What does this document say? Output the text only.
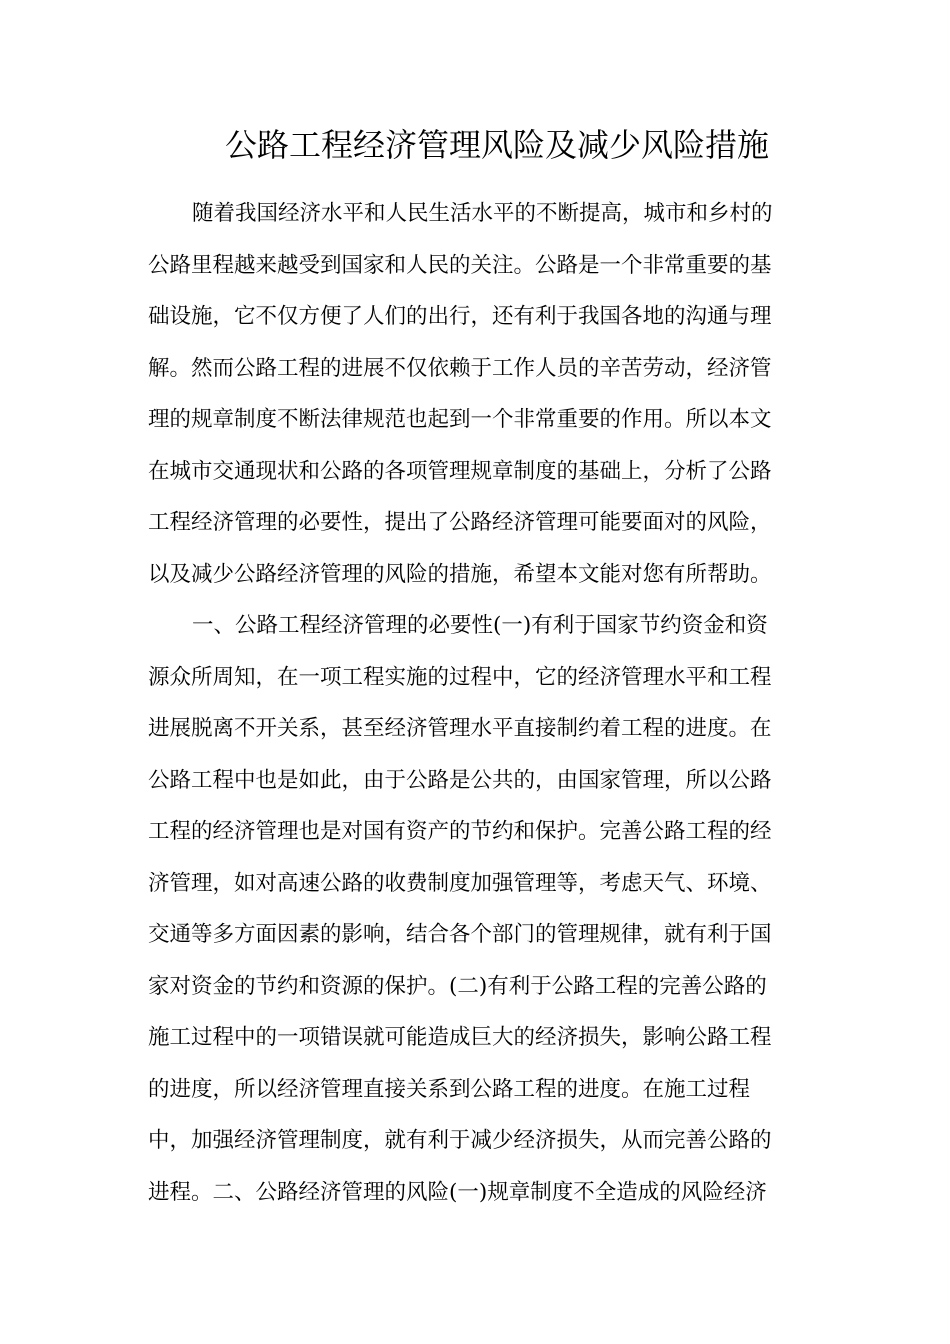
公路工程经济管理风险及减少风险措施
随着我国经济水平和人民生活水平的不断提高，城市和乡村的
公路里程越来越受到国家和人民的关注。公路是一个非常重要的基
础设施，它不仅方便了人们的出行，还有利于我国各地的沟通与理
解。然而公路工程的进展不仅依赖于工作人员的辛苦劳动，经济管
理的规章制度不断法律规范也起到一个非常重要的作用。所以本文
在城市交通现状和公路的各项管理规章制度的基础上，分析了公路
工程经济管理的必要性，提出了公路经济管理可能要面对的风险，
以及减少公路经济管理的风险的措施，希望本文能对您有所帮助。
一、公路工程经济管理的必要性(一)有利于国家节约资金和资
源众所周知，在一项工程实施的过程中，它的经济管理水平和工程
进展脱离不开关系，甚至经济管理水平直接制约着工程的进度。在
公路工程中也是如此，由于公路是公共的，由国家管理，所以公路
工程的经济管理也是对国有资产的节约和保护。完善公路工程的经
济管理，如对高速公路的收费制度加强管理等，考虑天气、环境、
交通等多方面因素的影响，结合各个部门的管理规律，就有利于国
家对资金的节约和资源的保护。(二)有利于公路工程的完善公路的
施工过程中的一项错误就可能造成巨大的经济损失，影响公路工程
的进度，所以经济管理直接关系到公路工程的进度。在施工过程
中，加强经济管理制度，就有利于减少经济损失，从而完善公路的
进程。二、公路经济管理的风险(一)规章制度不全造成的风险经济
